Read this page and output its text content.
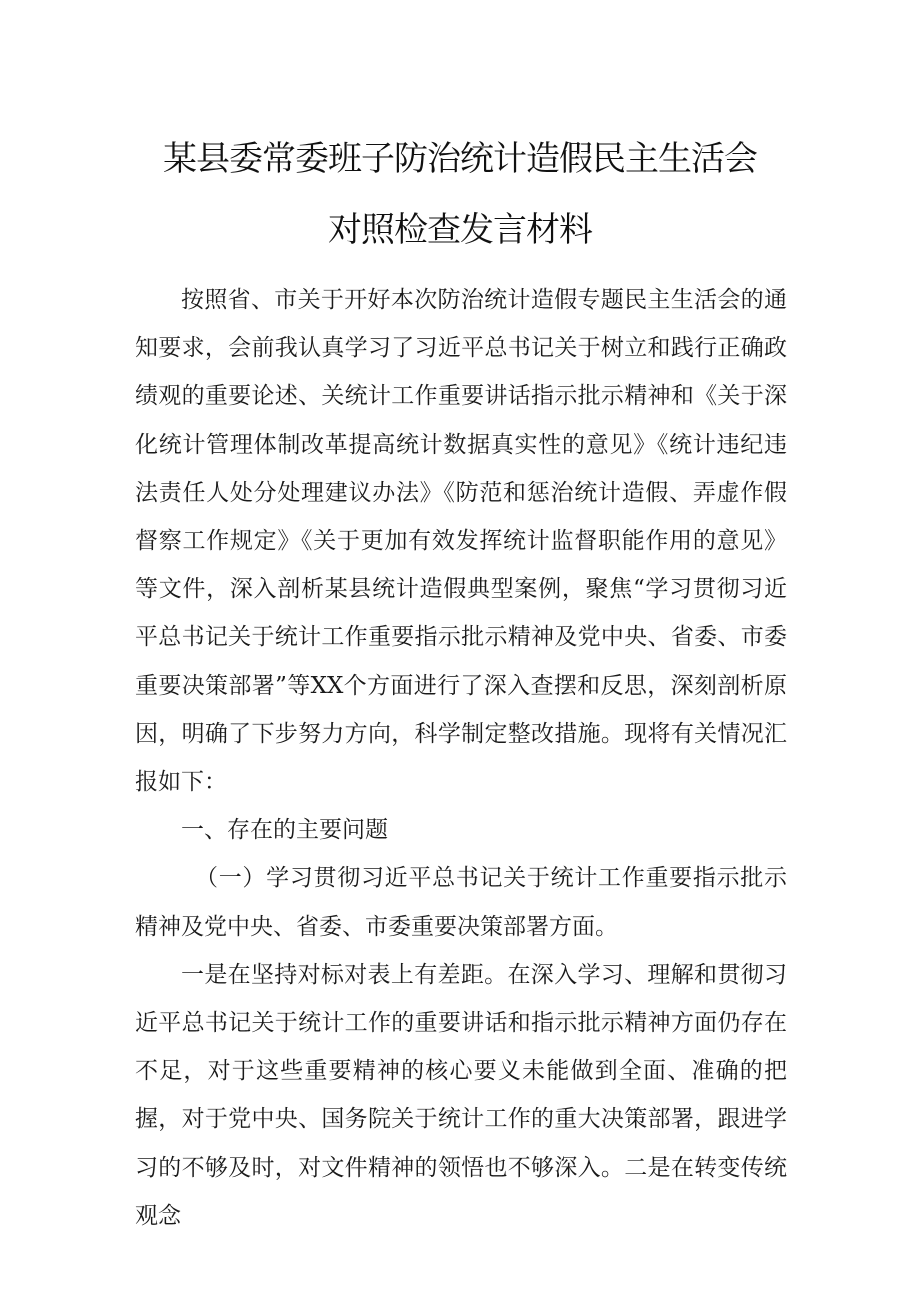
某县委常委班子防治统计造假民主生活会
对照检查发言材料

按照省、市关于开好本次防治统计造假专题民主生活会的通知要求，会前我认真学习了习近平总书记关于树立和践行正确政绩观的重要论述、关统计工作重要讲话指示批示精神和《关于深化统计管理体制改革提高统计数据真实性的意见》《统计违纪违法责任人处分处理建议办法》《防范和惩治统计造假、弄虚作假督察工作规定》《关于更加有效发挥统计监督职能作用的意见》等文件，深入剖析某县统计造假典型案例，聚焦“学习贯彻习近平总书记关于统计工作重要指示批示精神及党中央、省委、市委重要决策部署”等XX个方面进行了深入查摆和反思，深刻剖析原因，明确了下步努力方向，科学制定整改措施。现将有关情况汇报如下：

一、存在的主要问题

（一）学习贯彻习近平总书记关于统计工作重要指示批示精神及党中央、省委、市委重要决策部署方面。

一是在坚持对标对表上有差距。在深入学习、理解和贯彻习近平总书记关于统计工作的重要讲话和指示批示精神方面仍存在不足，对于这些重要精神的核心要义未能做到全面、准确的把握，对于党中央、国务院关于统计工作的重大决策部署，跟进学习的不够及时，对文件精神的领悟也不够深入。二是在转变传统观念
